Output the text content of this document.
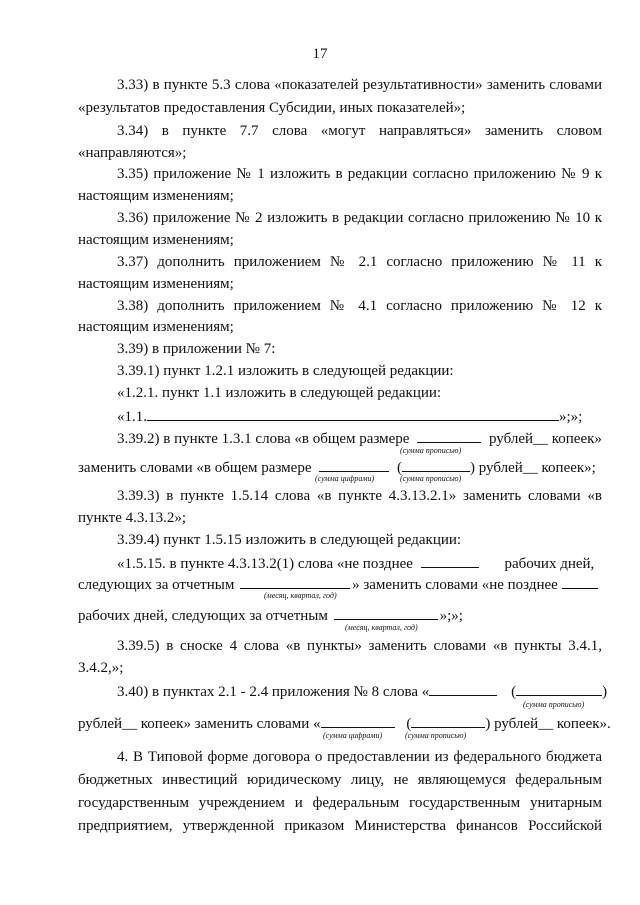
17
3.33) в пункте 5.3 слова «показателей результативности» заменить словами
«результатов предоставления Субсидии, иных показателей»;
3.34) в пункте 7.7 слова «могут направляться» заменить словом
«направляются»;
3.35) приложение № 1 изложить в редакции согласно приложению № 9 к
настоящим изменениям;
3.36) приложение № 2 изложить в редакции согласно приложению № 10 к
настоящим изменениям;
3.37) дополнить приложением № 2.1 согласно приложению № 11 к
настоящим изменениям;
3.38) дополнить приложением № 4.1 согласно приложению № 12 к
настоящим изменениям;
3.39) в приложении № 7:
3.39.1) пункт 1.2.1 изложить в следующей редакции:
«1.2.1. пункт 1.1 изложить в следующей редакции:
«1.1.	»;»;
3.39.2) в пункте 1.3.1 слова «в общем размере	рублей__ копеек»
(сумма прописью)
заменить словами «в общем размере	(	) рублей__ копеек»;
(сумма цифрами)	(сумма прописью)
3.39.3) в пункте 1.5.14 слова «в пункте 4.3.13.2.1» заменить словами «в
пункте 4.3.13.2»;
3.39.4) пункт 1.5.15 изложить в следующей редакции:
«1.5.15. в пункте 4.3.13.2(1) слова «не позднее	рабочих дней,
следующих за отчетным	» заменить словами «не позднее
(месяц, квартал, год)
рабочих дней, следующих за отчетным	»;»;
(месяц, квартал, год)
3.39.5) в сноске 4 слова «в пункты» заменить словами «в пункты 3.4.1,
3.4.2,»;
3.40) в пунктах 2.1 - 2.4 приложения № 8 слова «	(	)
(сумма прописью)
рублей__ копеек» заменить словами «	(	) рублей__ копеек».
(сумма цифрами)	(сумма прописью)
4. В Типовой форме договора о предоставлении из федерального бюджета
бюджетных инвестиций юридическому лицу, не являющемуся федеральным
государственным учреждением и федеральным государственным унитарным
предприятием, утвержденной приказом Министерства финансов Российской
